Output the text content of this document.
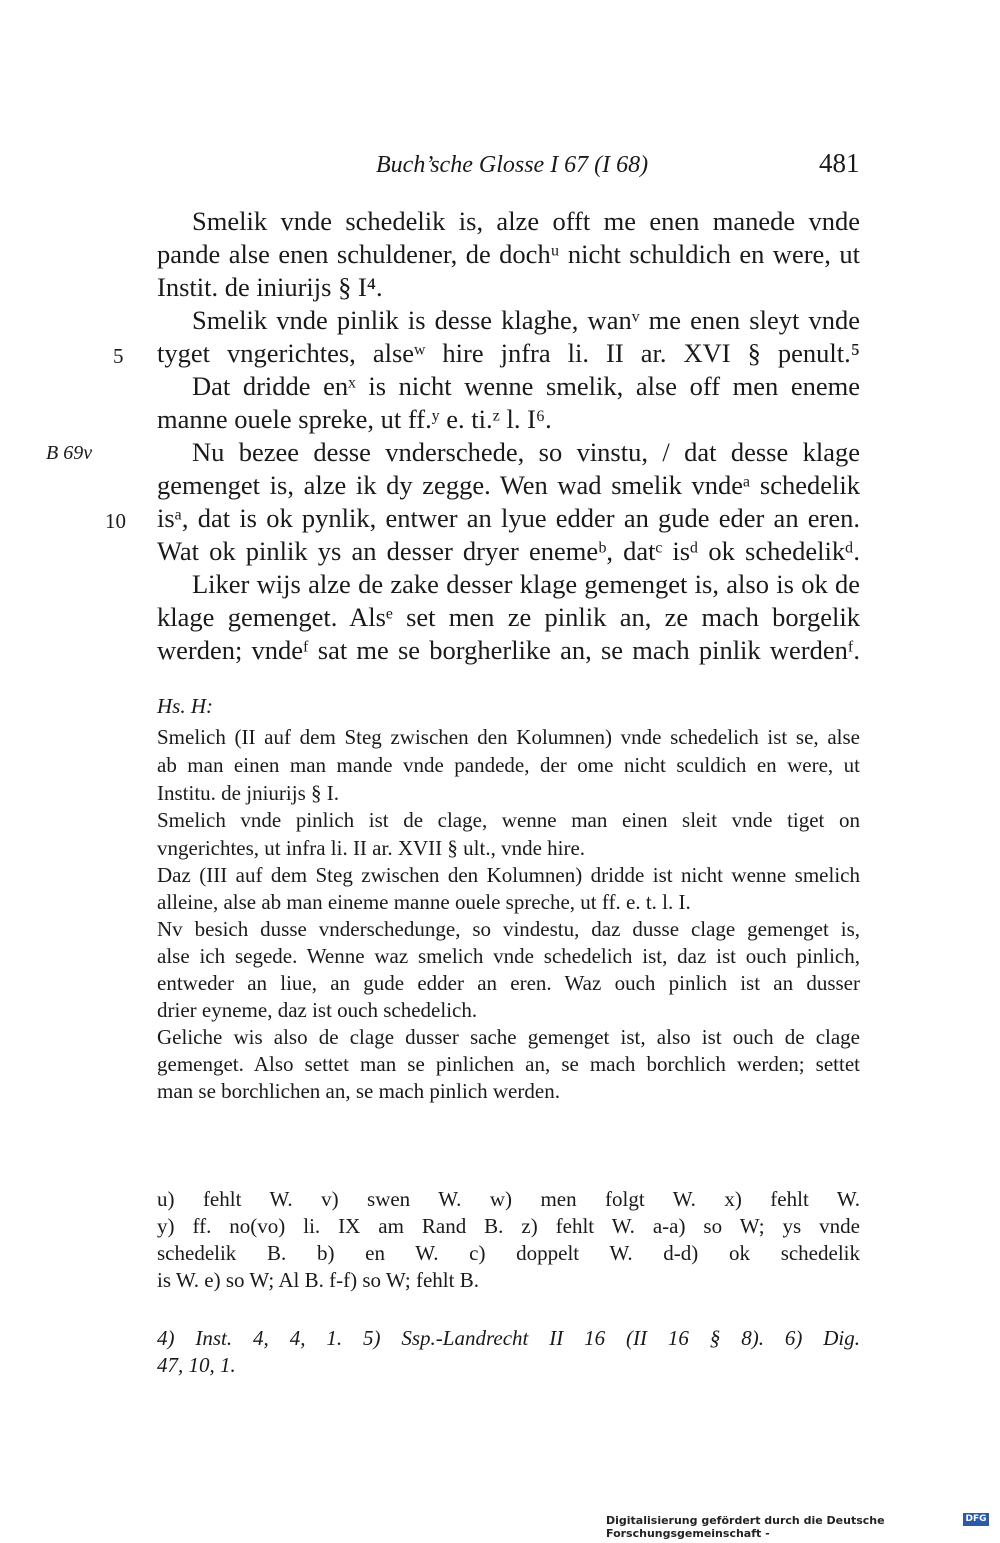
Buch’sche Glosse I 67 (I 68)	481
Smelik vnde schedelik is, alze offt me enen manede vnde
pande alse enen schuldener, de dochᵘ nicht schuldich en were, ut
Instit. de iniurijs § I⁴.
Smelik vnde pinlik is desse klaghe, wanᵛ me enen sleyt vnde
tyget vngerichtes, alseʷ hire jnfra li. II ar. XVI § penult.⁵
Dat dridde enˣ is nicht wenne smelik, alse off men eneme
manne ouele spreke, ut ff.ʸ e. ti.ᶻ l. I⁶.
Nu bezee desse vnderschede, so vinstu, / dat desse klage
gemenget is, alze ik dy zegge. Wen wad smelik vndeᵃ schedelik
isᵃ, dat is ok pynlik, entwer an lyue edder an gude eder an eren.
Wat ok pinlik ys an desser dryer enemeᵇ, datᶜ isᵈ ok schedelikᵈ.
Liker wijs alze de zake desser klage gemenget is, also is ok de
klage gemenget. Alsᵉ set men ze pinlik an, ze mach borgelik
werden; vndeᶠ sat me se borgherlike an, se mach pinlik werdenᶠ.
5
10
B 69v
Hs. H:
Smelich (II auf dem Steg zwischen den Kolumnen) vnde schedelich ist se, alse
ab man einen man mande vnde pandede, der ome nicht sculdich en were, ut
Institu. de jniurijs § I.
Smelich vnde pinlich ist de clage, wenne man einen sleit vnde tiget on
vngerichtes, ut infra li. II ar. XVII § ult., vnde hire.
Daz (III auf dem Steg zwischen den Kolumnen) dridde ist nicht wenne smelich
alleine, alse ab man eineme manne ouele spreche, ut ff. e. t. l. I.
Nv besich dusse vnderschedunge, so vindestu, daz dusse clage gemenget is,
alse ich segede. Wenne waz smelich vnde schedelich ist, daz ist ouch pinlich,
entweder an liue, an gude edder an eren. Waz ouch pinlich ist an dusser
drier eyneme, daz ist ouch schedelich.
Geliche wis also de clage dusser sache gemenget ist, also ist ouch de clage
gemenget. Also settet man se pinlichen an, se mach borchlich werden; settet
man se borchlichen an, se mach pinlich werden.
u) fehlt W. v) swen W. w) men folgt W. x) fehlt W.
y) ff. no(vo) li. IX am Rand B. z) fehlt W. a-a) so W; ys vnde
schedelik B. b) en W. c) doppelt W. d-d) ok schedelik
is W. e) so W; Al B. f-f) so W; fehlt B.
4) Inst. 4, 4, 1. 5) Ssp.-Landrecht II 16 (II 16 § 8). 6) Dig.
47, 10, 1.
Digitalisierung gefördert durch die Deutsche Forschungsgemeinschaft -
DFG
